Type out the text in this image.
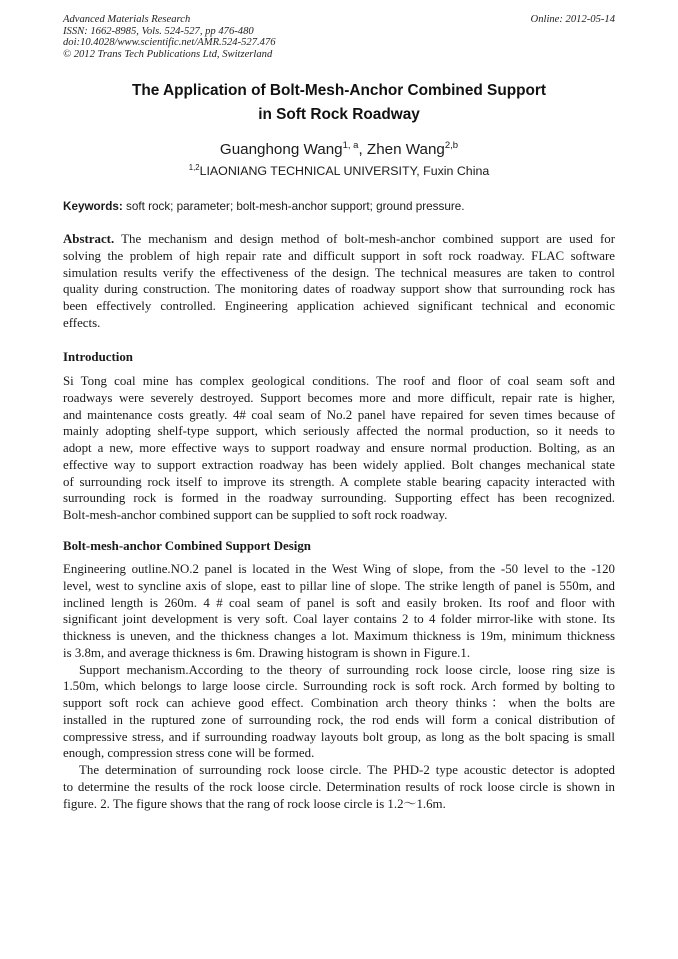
Advanced Materials Research
ISSN: 1662-8985, Vols. 524-527, pp 476-480
doi:10.4028/www.scientific.net/AMR.524-527.476
© 2012 Trans Tech Publications Ltd, Switzerland
Online: 2012-05-14
The Application of Bolt-Mesh-Anchor Combined Support
in Soft Rock Roadway
Guanghong Wang$^{1, a}$, Zhen Wang$^{2,b}$
$^{1,2}$LIAONIANG TECHNICAL UNIVERSITY, Fuxin China
Keywords: soft rock; parameter; bolt-mesh-anchor support; ground pressure.
Abstract. The mechanism and design method of bolt-mesh-anchor combined support are used for
solving the problem of high repair rate and difficult support in soft rock roadway. FLAC software
simulation results verify the effectiveness of the design. The technical measures are taken to control
quality during construction. The monitoring dates of roadway support show that surrounding rock has
been effectively controlled. Engineering application achieved significant technical and economic
effects.
Introduction
Si Tong coal mine has complex geological conditions. The roof and floor of coal seam soft and
roadways were severely destroyed. Support becomes more and more difficult, repair rate is higher,
and maintenance costs greatly. 4# coal seam of No.2 panel have repaired for seven times because of
mainly adopting shelf-type support, which seriously affected the normal production, so it needs to
adopt a new, more effective ways to support roadway and ensure normal production. Bolting, as an
effective way to support extraction roadway has been widely applied. Bolt changes mechanical state
of surrounding rock itself to improve its strength. A complete stable bearing capacity interacted with
surrounding rock is formed in the roadway surrounding. Supporting effect has been recognized.
Bolt-mesh-anchor combined support can be supplied to soft rock roadway.
Bolt-mesh-anchor Combined Support Design
Engineering outline.NO.2 panel is located in the West Wing of slope, from the -50 level to the -120
level, west to syncline axis of slope, east to pillar line of slope. The strike length of panel is 550m, and
inclined length is 260m. 4 # coal seam of panel is soft and easily broken. Its roof and floor with
significant joint development is very soft. Coal layer contains 2 to 4 folder mirror-like with stone. Its
thickness is uneven, and the thickness changes a lot. Maximum thickness is 19m, minimum thickness
is 3.8m, and average thickness is 6m. Drawing histogram is shown in Figure.1.
Support mechanism.According to the theory of surrounding rock loose circle, loose ring size is
1.50m, which belongs to large loose circle. Surrounding rock is soft rock. Arch formed by bolting to
support soft rock can achieve good effect. Combination arch theory thinks：when the bolts are
installed in the ruptured zone of surrounding rock, the rod ends will form a conical distribution of
compressive stress, and if surrounding roadway layouts bolt group, as long as the bolt spacing is small
enough, compression stress cone will be formed.
The determination of surrounding rock loose circle. The PHD-2 type acoustic detector is adopted
to determine the results of the rock loose circle. Determination results of rock loose circle is shown in
figure. 2. The figure shows that the rang of rock loose circle is 1.2～1.6m.
